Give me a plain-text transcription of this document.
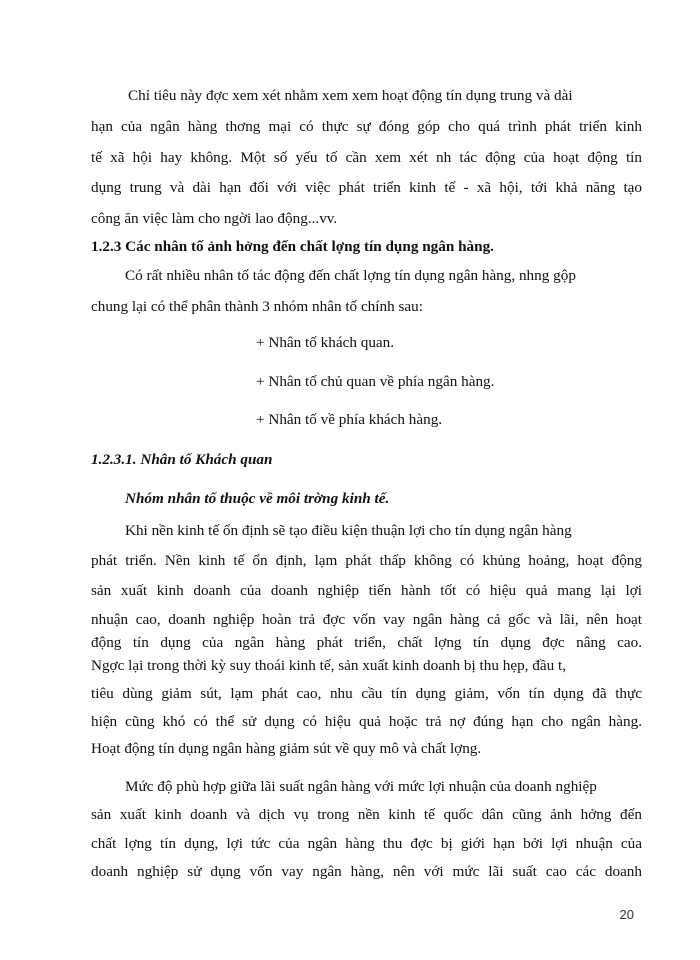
Chỉ tiêu này đợc xem xét nhằm xem xem hoạt động tín dụng trung và dài
hạn của ngân hàng thơng mại có thực sự đóng góp cho quá trình phát triển kinh
tế xã hội hay không. Một số yếu tố cần xem xét nh tác động của hoạt động tín
dụng trung và dài hạn đối với việc phát triển kinh tế - xã hội, tới khả năng tạo
công ăn việc làm cho ngời lao động...vv.
1.2.3 Các nhân tố ảnh hởng đến chất lợng tín dụng ngân hàng.
Có rất nhiều nhân tố tác động đến chất lợng tín dụng ngân hàng, nhng gộp
chung lại có thể phân thành 3 nhóm nhân tố chính sau:
+ Nhân tố khách quan.
+ Nhân tố chủ quan về phía ngân hàng.
+ Nhân tố về phía khách hàng.
1.2.3.1. Nhân tố Khách quan
Nhóm nhân tố thuộc về môi trờng kinh tế.
Khi nền kinh tế ổn định sẽ tạo điều kiện thuận lợi cho tín dụng ngân hàng
phát triển. Nền kinh tế ổn định, lạm phát thấp không có khủng hoảng, hoạt động
sản xuất kinh doanh của doanh nghiệp tiến hành tốt có hiệu quả mang lại lợi
nhuận cao, doanh nghiệp hoàn trả đợc vốn vay ngân hàng cả gốc và lãi, nên hoạt
động tín dụng của ngân hàng phát triển, chất lợng tín dụng đợc nâng cao.
Ngợc lại trong thời kỳ suy thoái kinh tế, sản xuất kinh doanh bị thu hẹp, đầu t,
tiêu dùng giảm sút, lạm phát cao, nhu cầu tín dụng giảm, vốn tín dụng đã thực
hiện cũng khó có thể sử dụng có hiệu quả hoặc trả nợ đúng hạn cho ngân hàng.
Hoạt động tín dụng ngân hàng giảm sút về quy mô và chất lợng.
Mức độ phù hợp giữa lãi suất ngân hàng với mức lợi nhuận của doanh nghiệp
sản xuất kinh doanh và dịch vụ trong nền kinh tế quốc dân cũng ảnh hởng đến
chất lợng tín dụng, lợi tức của ngân hàng thu đợc bị giới hạn bởi lợi nhuận của
doanh nghiệp sử dụng vốn vay ngân hàng, nên với mức lãi suất cao các doanh
20
